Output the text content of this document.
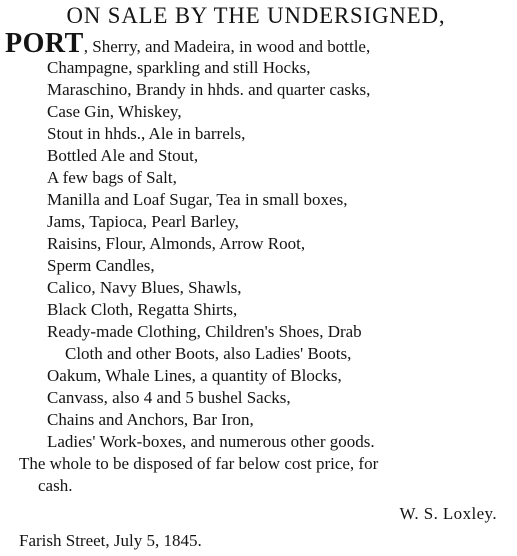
ON SALE BY THE UNDERSIGNED,
PORT, Sherry, and Madeira, in wood and bottle,
Champagne, sparkling and still Hocks,
Maraschino, Brandy in hhds. and quarter casks,
Case Gin, Whiskey,
Stout in hhds., Ale in barrels,
Bottled Ale and Stout,
A few bags of Salt,
Manilla and Loaf Sugar, Tea in small boxes,
Jams, Tapioca, Pearl Barley,
Raisins, Flour, Almonds, Arrow Root,
Sperm Candles,
Calico, Navy Blues, Shawls,
Black Cloth, Regatta Shirts,
Ready-made Clothing, Children's Shoes, Drab
Cloth and other Boots, also Ladies' Boots,
Oakum, Whale Lines, a quantity of Blocks,
Canvass, also 4 and 5 bushel Sacks,
Chains and Anchors, Bar Iron,
Ladies' Work-boxes, and numerous other goods.
The whole to be disposed of far below cost price, for
cash.
W. S. Loxley.
Farish Street, July 5, 1845.
